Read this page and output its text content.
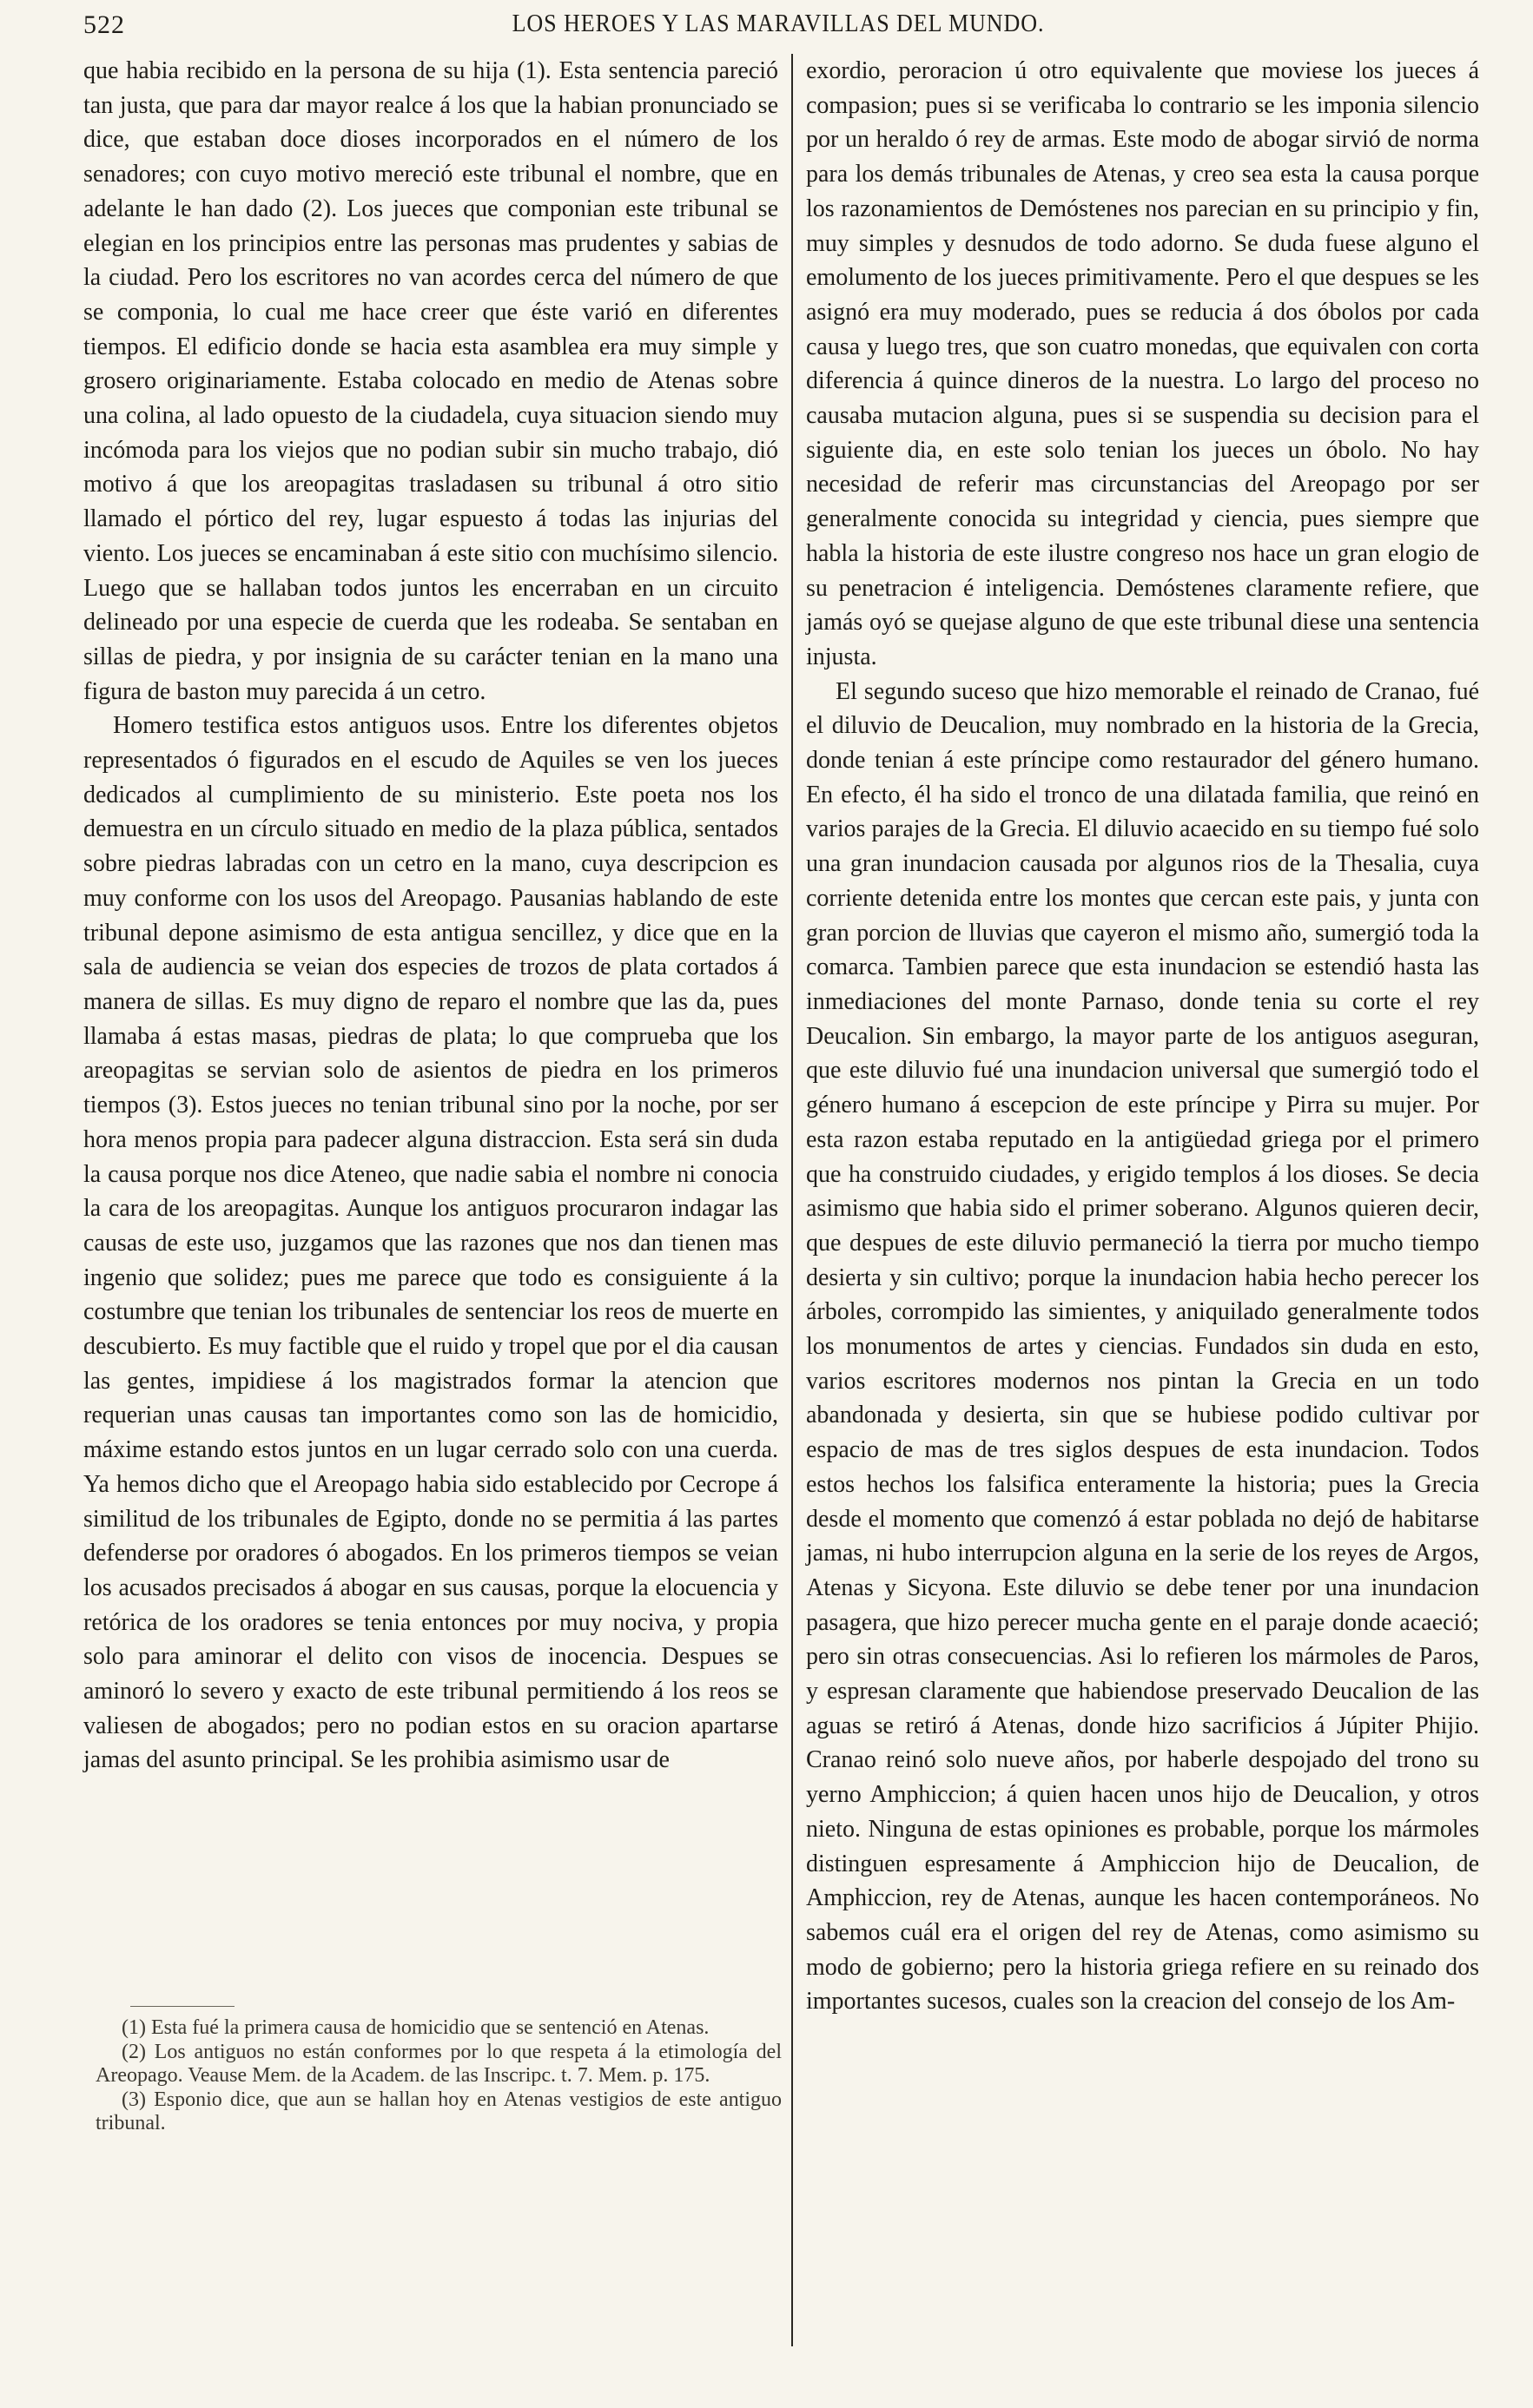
522	LOS HEROES Y LAS MARAVILLAS DEL MUNDO.

que habia recibido en la persona de su hija (1). Esta sentencia pareció tan justa, que para dar mayor realce á los que la habian pronunciado se dice, que estaban doce dioses incorporados en el número de los senadores; con cuyo motivo mereció este tribunal el nombre, que en adelante le han dado (2). Los jueces que componian este tribunal se elegian en los principios entre las personas mas prudentes y sabias de la ciudad. Pero los escritores no van acordes cerca del número de que se componia, lo cual me hace creer que éste varió en diferentes tiempos. El edificio donde se hacia esta asamblea era muy simple y grosero originariamente. Estaba colocado en medio de Atenas sobre una colina, al lado opuesto de la ciudadela, cuya situacion siendo muy incómoda para los viejos que no podian subir sin mucho trabajo, dió motivo á que los areopagitas trasladasen su tribunal á otro sitio llamado el pórtico del rey, lugar espuesto á todas las injurias del viento. Los jueces se encaminaban á este sitio con muchísimo silencio. Luego que se hallaban todos juntos les encerraban en un circuito delineado por una especie de cuerda que les rodeaba. Se sentaban en sillas de piedra, y por insignia de su carácter tenian en la mano una figura de baston muy parecida á un cetro.

Homero testifica estos antiguos usos. Entre los diferentes objetos representados ó figurados en el escudo de Aquiles se ven los jueces dedicados al cumplimiento de su ministerio. Este poeta nos los demuestra en un círculo situado en medio de la plaza pública, sentados sobre piedras labradas con un cetro en la mano, cuya descripcion es muy conforme con los usos del Areopago. Pausanias hablando de este tribunal depone asimismo de esta antigua sencillez, y dice que en la sala de audiencia se veian dos especies de trozos de plata cortados á manera de sillas. Es muy digno de reparo el nombre que las da, pues llamaba á estas masas, piedras de plata; lo que comprueba que los areopagitas se servian solo de asientos de piedra en los primeros tiempos (3). Estos jueces no tenian tribunal sino por la noche, por ser hora menos propia para padecer alguna distraccion. Esta será sin duda la causa porque nos dice Ateneo, que nadie sabia el nombre ni conocia la cara de los areopagitas. Aunque los antiguos procuraron indagar las causas de este uso, juzgamos que las razones que nos dan tienen mas ingenio que solidez; pues me parece que todo es consiguiente á la costumbre que tenian los tribunales de sentenciar los reos de muerte en descubierto. Es muy factible que el ruido y tropel que por el dia causan las gentes, impidiese á los magistrados formar la atencion que requerian unas causas tan importantes como son las de homicidio, máxime estando estos juntos en un lugar cerrado solo con una cuerda. Ya hemos dicho que el Areopago habia sido establecido por Cecrope á similitud de los tribunales de Egipto, donde no se permitia á las partes defenderse por oradores ó abogados. En los primeros tiempos se veian los acusados precisados á abogar en sus causas, porque la elocuencia y retórica de los oradores se tenia entonces por muy nociva, y propia solo para aminorar el delito con visos de inocencia. Despues se aminoró lo severo y exacto de este tribunal permitiendo á los reos se valiesen de abogados; pero no podian estos en su oracion apartarse jamas del asunto principal. Se les prohibia asimismo usar de

exordio, peroracion ú otro equivalente que moviese los jueces á compasion; pues si se verificaba lo contrario se les imponia silencio por un heraldo ó rey de armas. Este modo de abogar sirvió de norma para los demás tribunales de Atenas, y creo sea esta la causa porque los razonamientos de Demóstenes nos parecian en su principio y fin, muy simples y desnudos de todo adorno. Se duda fuese alguno el emolumento de los jueces primitivamente. Pero el que despues se les asignó era muy moderado, pues se reducia á dos óbolos por cada causa y luego tres, que son cuatro monedas, que equivalen con corta diferencia á quince dineros de la nuestra. Lo largo del proceso no causaba mutacion alguna, pues si se suspendia su decision para el siguiente dia, en este solo tenian los jueces un óbolo. No hay necesidad de referir mas circunstancias del Areopago por ser generalmente conocida su integridad y ciencia, pues siempre que habla la historia de este ilustre congreso nos hace un gran elogio de su penetracion é inteligencia. Demóstenes claramente refiere, que jamás oyó se quejase alguno de que este tribunal diese una sentencia injusta.

El segundo suceso que hizo memorable el reinado de Cranao, fué el diluvio de Deucalion, muy nombrado en la historia de la Grecia, donde tenian á este príncipe como restaurador del género humano. En efecto, él ha sido el tronco de una dilatada familia, que reinó en varios parajes de la Grecia. El diluvio acaecido en su tiempo fué solo una gran inundacion causada por algunos rios de la Thesalia, cuya corriente detenida entre los montes que cercan este pais, y junta con gran porcion de lluvias que cayeron el mismo año, sumergió toda la comarca. Tambien parece que esta inundacion se estendió hasta las inmediaciones del monte Parnaso, donde tenia su corte el rey Deucalion. Sin embargo, la mayor parte de los antiguos aseguran, que este diluvio fué una inundacion universal que sumergió todo el género humano á escepcion de este príncipe y Pirra su mujer. Por esta razon estaba reputado en la antigüedad griega por el primero que ha construido ciudades, y erigido templos á los dioses. Se decia asimismo que habia sido el primer soberano. Algunos quieren decir, que despues de este diluvio permaneció la tierra por mucho tiempo desierta y sin cultivo; porque la inundacion habia hecho perecer los árboles, corrompido las simientes, y aniquilado generalmente todos los monumentos de artes y ciencias. Fundados sin duda en esto, varios escritores modernos nos pintan la Grecia en un todo abandonada y desierta, sin que se hubiese podido cultivar por espacio de mas de tres siglos despues de esta inundacion. Todos estos hechos los falsifica enteramente la historia; pues la Grecia desde el momento que comenzó á estar poblada no dejó de habitarse jamas, ni hubo interrupcion alguna en la serie de los reyes de Argos, Atenas y Sicyona. Este diluvio se debe tener por una inundacion pasagera, que hizo perecer mucha gente en el paraje donde acaeció; pero sin otras consecuencias. Asi lo refieren los mármoles de Paros, y espresan claramente que habiendose preservado Deucalion de las aguas se retiró á Atenas, donde hizo sacrificios á Júpiter Phijio. Cranao reinó solo nueve años, por haberle despojado del trono su yerno Amphiccion; á quien hacen unos hijo de Deucalion, y otros nieto. Ninguna de estas opiniones es probable, porque los mármoles distinguen espresamente á Amphiccion hijo de Deucalion, de Amphiccion, rey de Atenas, aunque les hacen contemporáneos. No sabemos cuál era el origen del rey de Atenas, como asimismo su modo de gobierno; pero la historia griega refiere en su reinado dos importantes sucesos, cuales son la creacion del consejo de los Am-

(1) Esta fué la primera causa de homicidio que se sentenció en Atenas.

(2) Los antiguos no están conformes por lo que respeta á la etimología del Areopago. Veause Mem. de la Academ. de las Inscripc. t. 7. Mem. p. 175.

(3) Esponio dice, que aun se hallan hoy en Atenas vestigios de este antiguo tribunal.
